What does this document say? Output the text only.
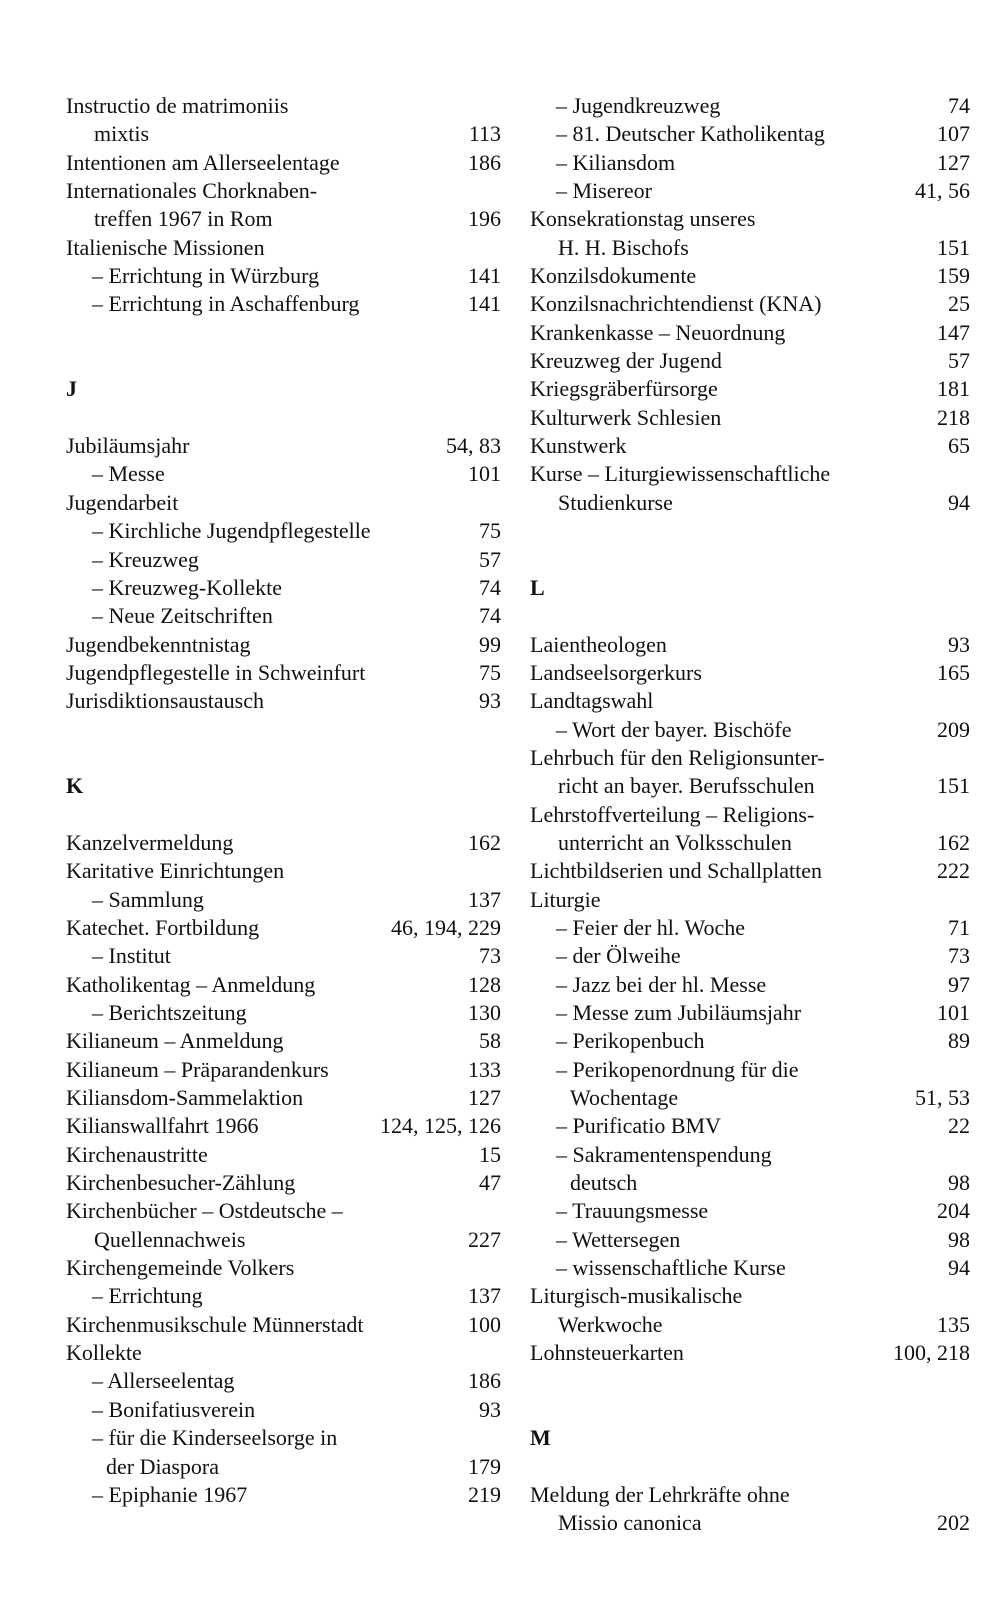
Instructio de matrimoniis
mixtis	113
Intentionen am Allerseelentage	186
Internationales Chorknaben-
treffen 1967 in Rom	196
Italienische Missionen
– Errichtung in Würzburg	141
– Errichtung in Aschaffenburg	141
J
Jubiläumsjahr	54, 83
– Messe	101
Jugendarbeit
– Kirchliche Jugendpflegestelle	75
– Kreuzweg	57
– Kreuzweg-Kollekte	74
– Neue Zeitschriften	74
Jugendbekenntnistag	99
Jugendpflegestelle in Schweinfurt	75
Jurisdiktionsaustausch	93
K
Kanzelvermeldung	162
Karitative Einrichtungen
– Sammlung	137
Katechet. Fortbildung	46, 194, 229
– Institut	73
Katholikentag – Anmeldung	128
– Berichtszeitung	130
Kilianeum – Anmeldung	58
Kilianeum – Präparandenkurs	133
Kiliansdom-Sammelaktion	127
Kilianswallfahrt 1966	124, 125, 126
Kirchenaustritte	15
Kirchenbesucher-Zählung	47
Kirchenbücher – Ostdeutsche –
Quellennachweis	227
Kirchengemeinde Volkers
– Errichtung	137
Kirchenmusikschule Münnerstadt	100
Kollekte
– Allerseelentag	186
– Bonifatiusverein	93
– für die Kinderseelsorge in
der Diaspora	179
– Epiphanie 1967	219
– Jugendkreuzweg	74
– 81. Deutscher Katholikentag	107
– Kiliansdom	127
– Misereor	41, 56
Konsekrationstag unseres
H. H. Bischofs	151
Konzilsdokumente	159
Konzilsnachrichtendienst (KNA)	25
Krankenkasse – Neuordnung	147
Kreuzweg der Jugend	57
Kriegsgräberfürsorge	181
Kulturwerk Schlesien	218
Kunstwerk	65
Kurse – Liturgiewissenschaftliche
Studienkurse	94
L
Laientheologen	93
Landseelsorgerkurs	165
Landtagswahl
– Wort der bayer. Bischöfe	209
Lehrbuch für den Religionsunter-
richt an bayer. Berufsschulen	151
Lehrstoffverteilung – Religions-
unterricht an Volksschulen	162
Lichtbildserien und Schallplatten	222
Liturgie
– Feier der hl. Woche	71
– der Ölweihe	73
– Jazz bei der hl. Messe	97
– Messe zum Jubiläumsjahr	101
– Perikopenbuch	89
– Perikopenordnung für die
Wochentage	51, 53
– Purificatio BMV	22
– Sakramentenspendung
deutsch	98
– Trauungsmesse	204
– Wettersegen	98
– wissenschaftliche Kurse	94
Liturgisch-musikalische
Werkwoche	135
Lohnsteuerkarten	100, 218
M
Meldung der Lehrkräfte ohne
Missio canonica	202
